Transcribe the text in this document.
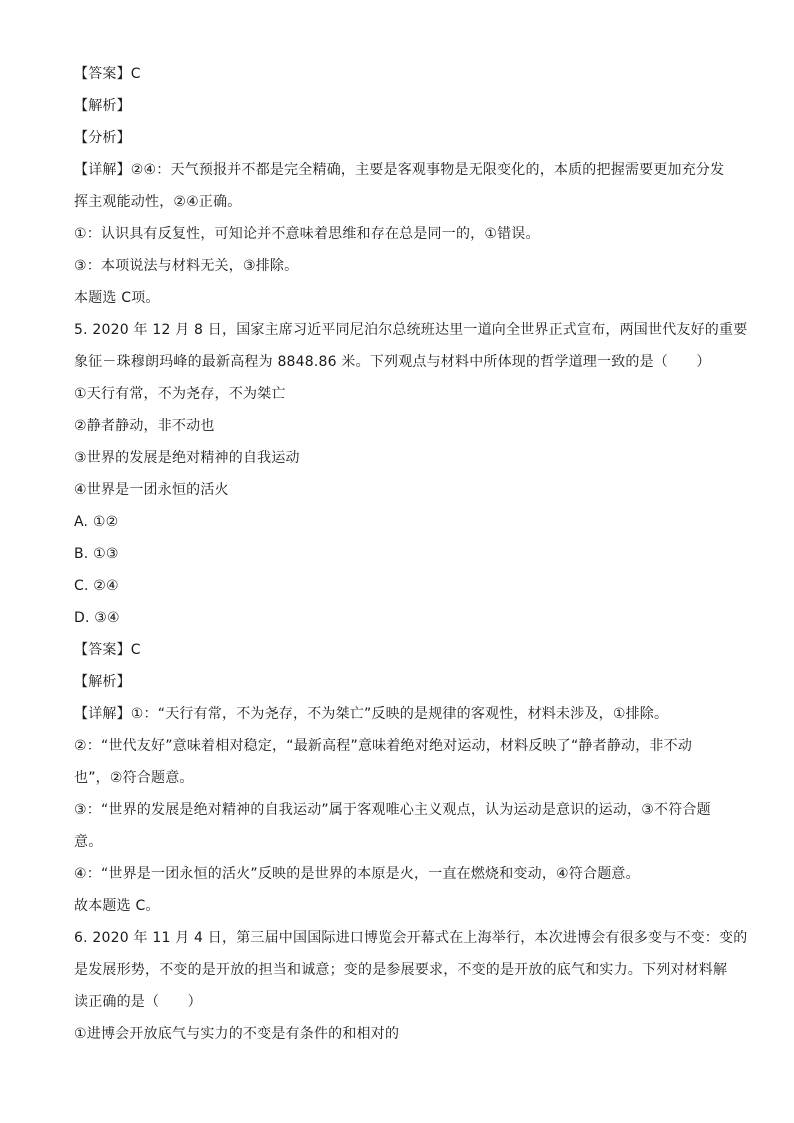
【答案】C
【解析】
【分析】
【详解】②④：天气预报并不都是完全精确，主要是客观事物是无限变化的，本质的把握需要更加充分发
挥主观能动性，②④正确。
①：认识具有反复性，可知论并不意味着思维和存在总是同一的，①错误。
③：本项说法与材料无关，③排除。
本题选 C项。
5. 2020 年 12 月 8 日，国家主席习近平同尼泊尔总统班达里一道向全世界正式宣布，两国世代友好的重要
象征－珠穆朗玛峰的最新高程为 8848.86 米。下列观点与材料中所体现的哲学道理一致的是（　　）
①天行有常，不为尧存，不为桀亡
②静者静动，非不动也
③世界的发展是绝对精神的自我运动
④世界是一团永恒的活火
A. ①②
B. ①③
C. ②④
D. ③④
【答案】C
【解析】
【详解】①：“天行有常，不为尧存，不为桀亡”反映的是规律的客观性，材料未涉及，①排除。
②：“世代友好”意味着相对稳定，“最新高程”意味着绝对绝对运动，材料反映了“静者静动，非不动
也”，②符合题意。
③：“世界的发展是绝对精神的自我运动”属于客观唯心主义观点，认为运动是意识的运动，③不符合题
意。
④：“世界是一团永恒的活火”反映的是世界的本原是火，一直在燃烧和变动，④符合题意。
故本题选 C。
6. 2020 年 11 月 4 日，第三届中国国际进口博览会开幕式在上海举行，本次进博会有很多变与不变：变的
是发展形势，不变的是开放的担当和诚意；变的是参展要求，不变的是开放的底气和实力。下列对材料解
读正确的是（　　）
①进博会开放底气与实力的不变是有条件的和相对的
